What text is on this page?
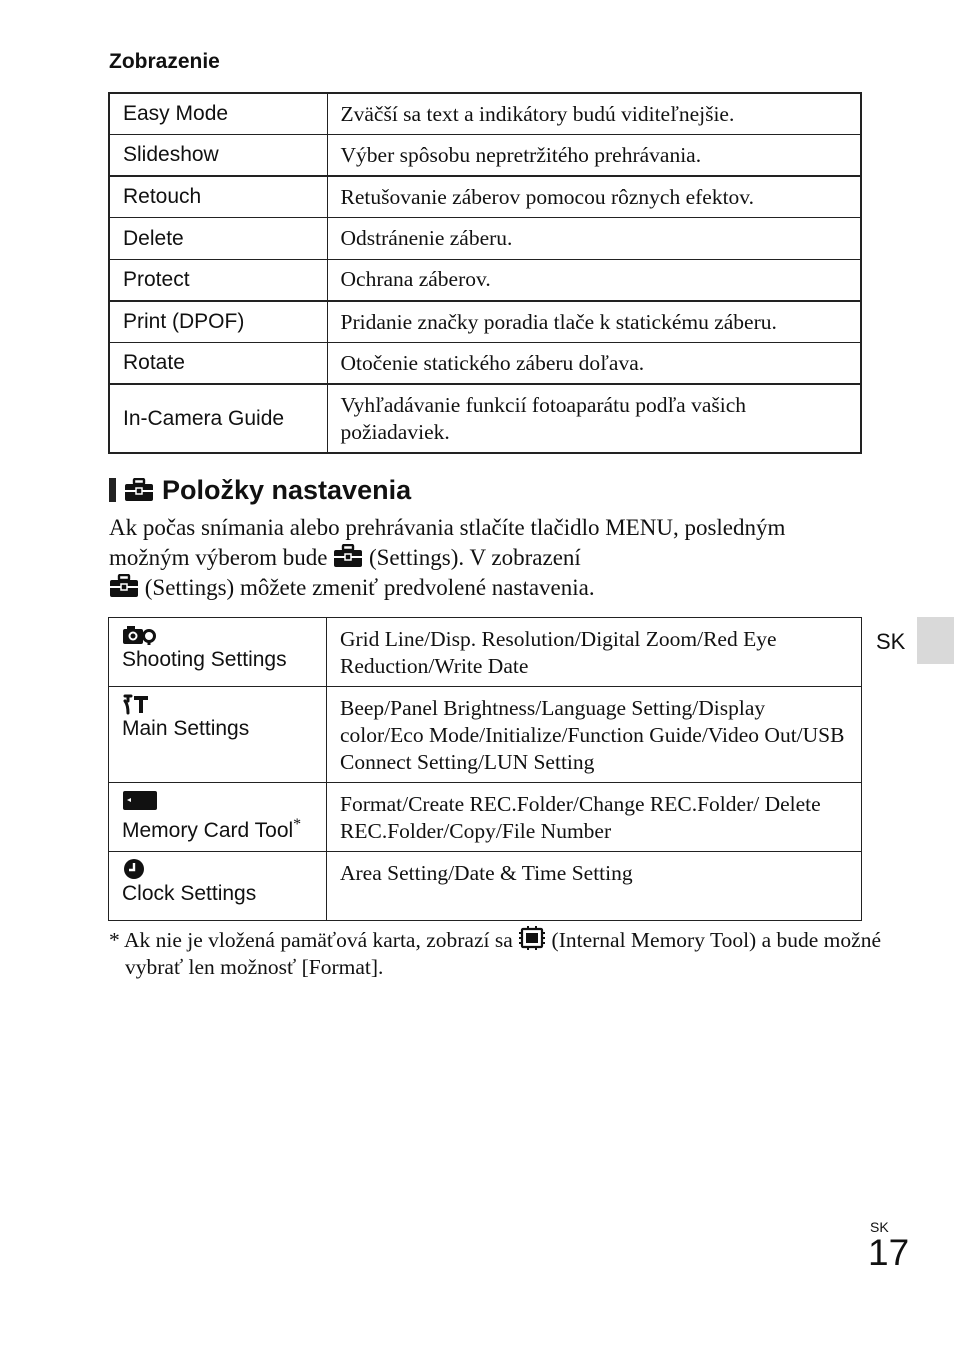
Zobrazenie
Easy Mode	Zväčší sa text a indikátory budú viditeľnejšie.
Slideshow	Výber spôsobu nepretržitého prehrávania.
Retouch	Retušovanie záberov pomocou rôznych efektov.
Delete	Odstránenie záberu.
Protect	Ochrana záberov.
Print (DPOF)	Pridanie značky poradia tlače k statickému záberu.
Rotate	Otočenie statického záberu doľava.
In-Camera Guide	Vyhľadávanie funkcií fotoaparátu podľa vašich požiadaviek.
Položky nastavenia

Ak počas snímania alebo prehrávania stlačíte tlačidlo MENU, posledným možným výberom bude  (Settings). V zobrazení
(Settings) môžete zmeniť predvolené nastavenia.

Shooting Settings	Grid Line/Disp. Resolution/Digital Zoom/Red Eye Reduction/Write Date

Main Settings	Beep/Panel Brightness/Language Setting/Display color/Eco Mode/Initialize/Function Guide/Video Out/USB Connect Setting/LUN Setting

Memory Card Tool*	Format/Create REC.Folder/Change REC.Folder/ Delete REC.Folder/Copy/File Number

Clock Settings	Area Setting/Date & Time Setting

* Ak nie je vložená pamäťová karta, zobrazí sa  (Internal Memory Tool) a bude možné vybrať len možnosť [Format].

SK
SK
17
